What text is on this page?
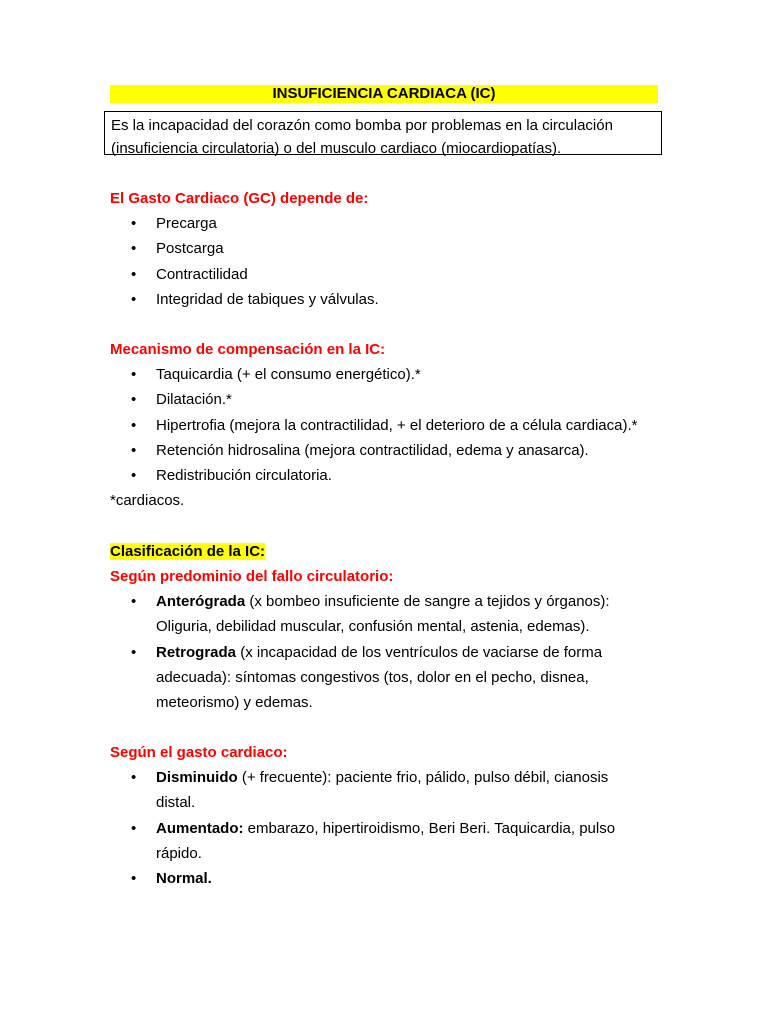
INSUFICIENCIA CARDIACA (IC)
Es la incapacidad del corazón como bomba por problemas en la circulación (insuficiencia circulatoria) o del musculo cardiaco (miocardiopatías).
El Gasto Cardiaco (GC) depende de:
• Precarga
• Postcarga
• Contractilidad
• Integridad de tabiques y válvulas.
Mecanismo de compensación en la IC:
• Taquicardia (+ el consumo energético).*
• Dilatación.*
• Hipertrofia (mejora la contractilidad, + el deterioro de a célula cardiaca).*
• Retención hidrosalina (mejora contractilidad, edema y anasarca).
• Redistribución circulatoria.
*cardiacos.
Clasificación de la IC:
Según predominio del fallo circulatorio:
• Anterógrada (x bombeo insuficiente de sangre a tejidos y órganos): Oliguria, debilidad muscular, confusión mental, astenia, edemas).
• Retrograda (x incapacidad de los ventrículos de vaciarse de forma adecuada): síntomas congestivos (tos, dolor en el pecho, disnea, meteorismo) y edemas.
Según el gasto cardiaco:
• Disminuido (+ frecuente): paciente frio, pálido, pulso débil, cianosis distal.
• Aumentado: embarazo, hipertiroidismo, Beri Beri. Taquicardia, pulso rápido.
• Normal.
